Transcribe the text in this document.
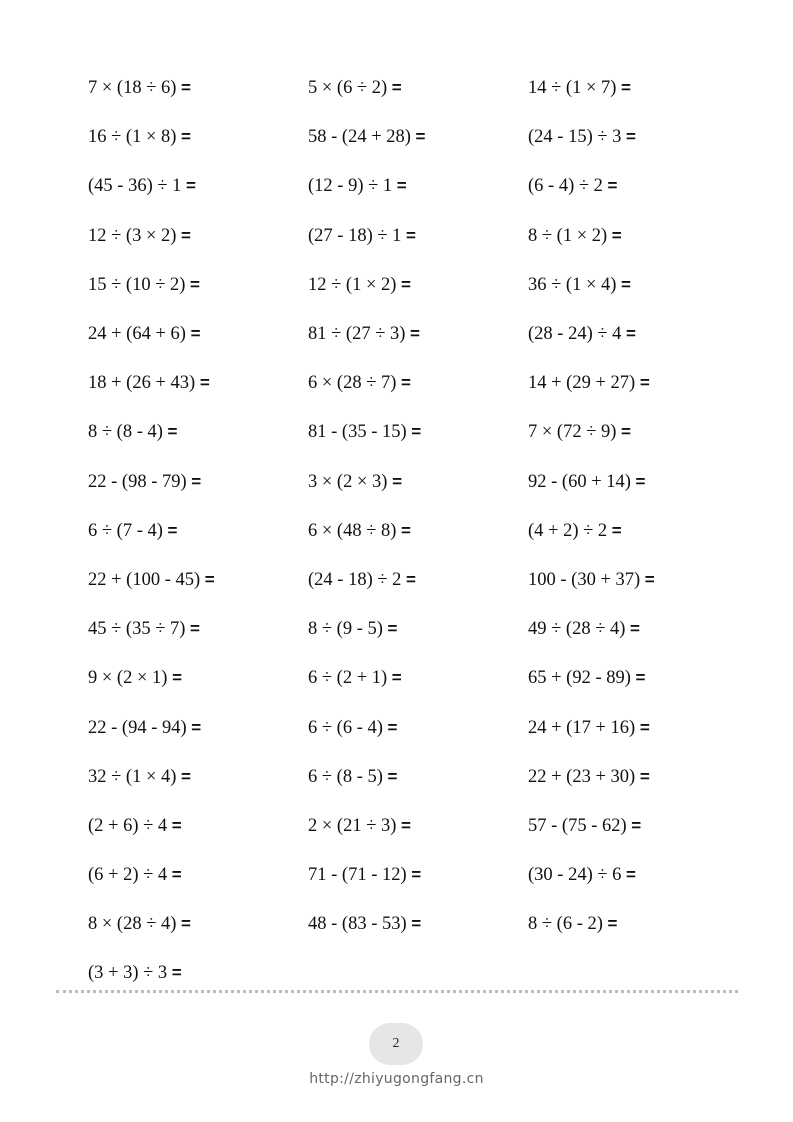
7 × (18 ÷ 6) =	5 × (6 ÷ 2) =	14 ÷ (1 × 7) =
16 ÷ (1 × 8) =	58 - (24 + 28) =	(24 - 15) ÷ 3 =
(45 - 36) ÷ 1 =	(12 - 9) ÷ 1 =	(6 - 4) ÷ 2 =
12 ÷ (3 × 2) =	(27 - 18) ÷ 1 =	8 ÷ (1 × 2) =
15 ÷ (10 ÷ 2) =	12 ÷ (1 × 2) =	36 ÷ (1 × 4) =
24 + (64 + 6) =	81 ÷ (27 ÷ 3) =	(28 - 24) ÷ 4 =
18 + (26 + 43) =	6 × (28 ÷ 7) =	14 + (29 + 27) =
8 ÷ (8 - 4) =	81 - (35 - 15) =	7 × (72 ÷ 9) =
22 - (98 - 79) =	3 × (2 × 3) =	92 - (60 + 14) =
6 ÷ (7 - 4) =	6 × (48 ÷ 8) =	(4 + 2) ÷ 2 =
22 + (100 - 45) =	(24 - 18) ÷ 2 =	100 - (30 + 37) =
45 ÷ (35 ÷ 7) =	8 ÷ (9 - 5) =	49 ÷ (28 ÷ 4) =
9 × (2 × 1) =	6 ÷ (2 + 1) =	65 + (92 - 89) =
22 - (94 - 94) =	6 ÷ (6 - 4) =	24 + (17 + 16) =
32 ÷ (1 × 4) =	6 ÷ (8 - 5) =	22 + (23 + 30) =
(2 + 6) ÷ 4 =	2 × (21 ÷ 3) =	57 - (75 - 62) =
(6 + 2) ÷ 4 =	71 - (71 - 12) =	(30 - 24) ÷ 6 =
8 × (28 ÷ 4) =	48 - (83 - 53) =	8 ÷ (6 - 2) =
(3 + 3) ÷ 3 =
2
http://zhiyugongfang.cn
